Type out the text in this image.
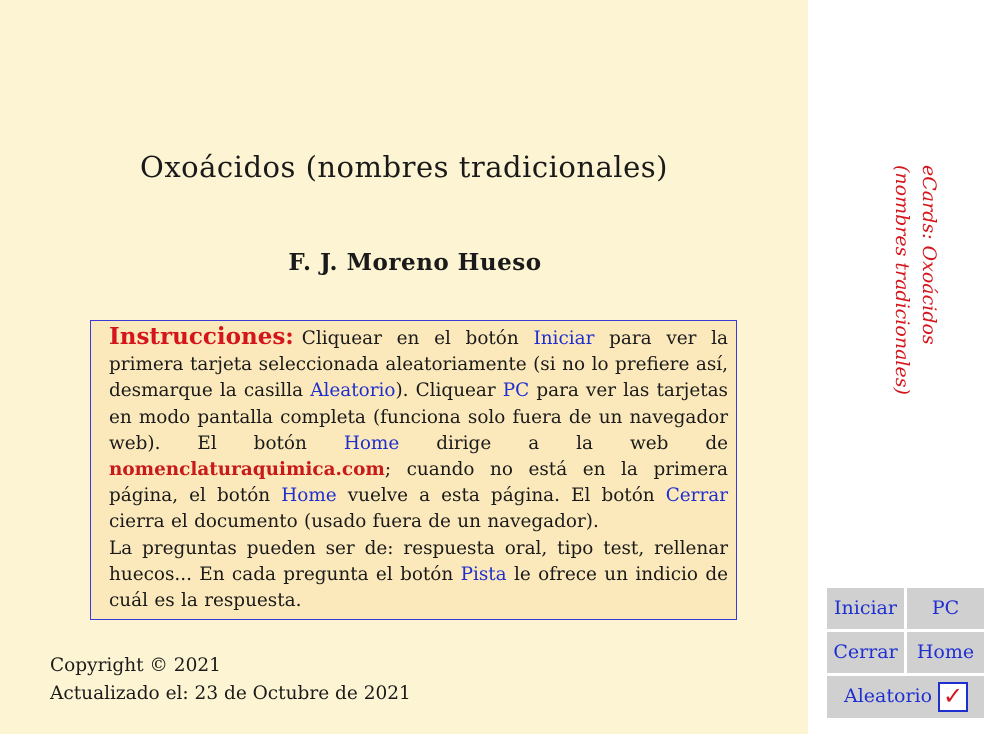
Oxoácidos (nombres tradicionales)
F. J. Moreno Hueso

Instrucciones: Cliquear en el botón Iniciar para ver la primera tarjeta seleccionada aleatoriamente (si no lo prefiere así, desmarque la casilla Aleatorio). Cliquear PC para ver las tarjetas en modo pantalla completa (funciona solo fuera de un navegador web). El botón Home dirige a la web de nomenclaturaquimica.com; cuando no está en la primera página, el botón Home vuelve a esta página. El botón Cerrar cierra el documento (usado fuera de un navegador).

La preguntas pueden ser de: respuesta oral, tipo test, rellenar huecos... En cada pregunta el botón Pista le ofrece un indicio de cuál es la respuesta.

Copyright © 2021
Actualizado el: 23 de Octubre de 2021
eCards: Oxoácidos
(nombres tradicionales)
Iniciar	PC
Cerrar	Home
Aleatorio ✓
